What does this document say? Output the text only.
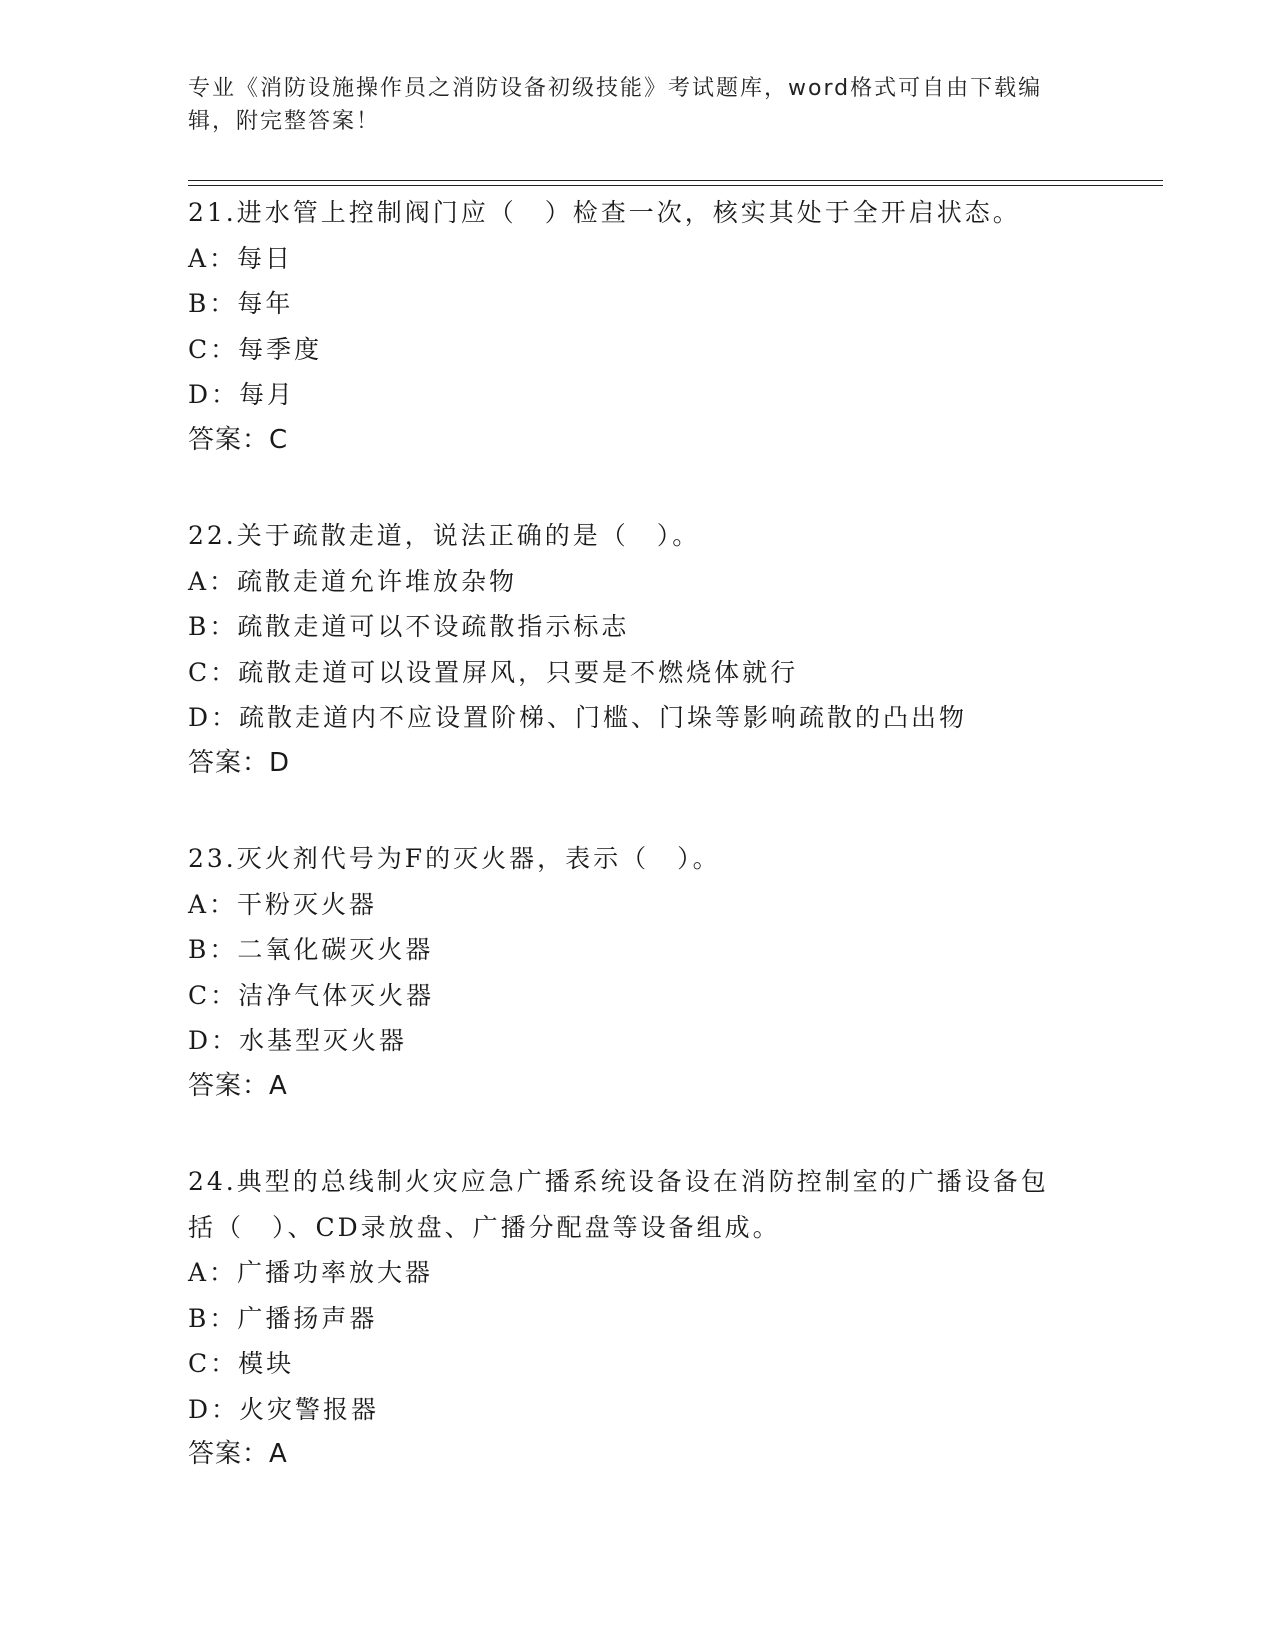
专业《消防设施操作员之消防设备初级技能》考试题库，word格式可自由下载编辑，附完整答案！
21.进水管上控制阀门应（　）检查一次，核实其处于全开启状态。
A：每日
B：每年
C：每季度
D：每月
答案：C
22.关于疏散走道，说法正确的是（　）。
A：疏散走道允许堆放杂物
B：疏散走道可以不设疏散指示标志
C：疏散走道可以设置屏风，只要是不燃烧体就行
D：疏散走道内不应设置阶梯、门槛、门垛等影响疏散的凸出物
答案：D
23.灭火剂代号为F的灭火器，表示（　）。
A：干粉灭火器
B：二氧化碳灭火器
C：洁净气体灭火器
D：水基型灭火器
答案：A
24.典型的总线制火灾应急广播系统设备设在消防控制室的广播设备包括（　）、CD录放盘、广播分配盘等设备组成。
A：广播功率放大器
B：广播扬声器
C：模块
D：火灾警报器
答案：A
